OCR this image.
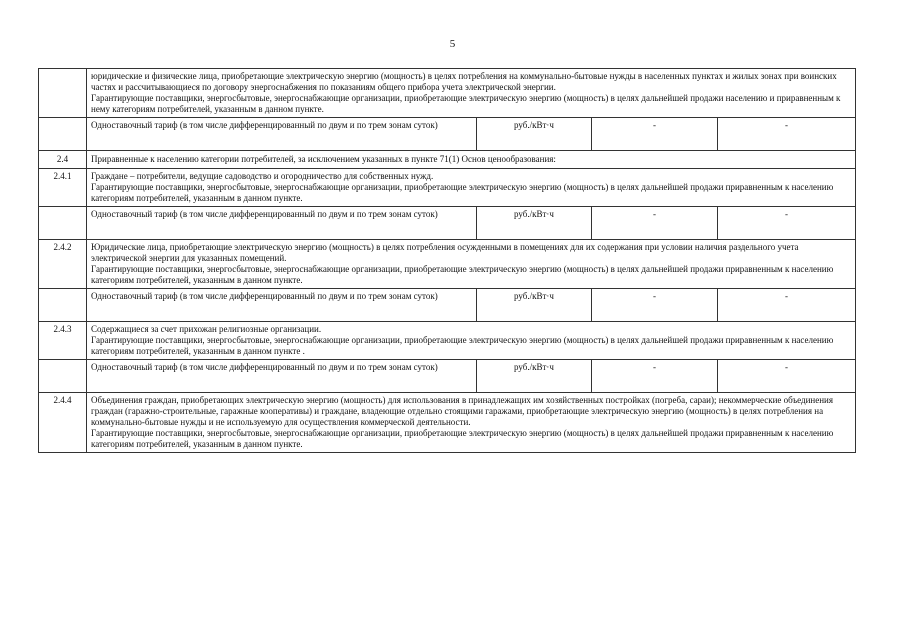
5

	юридические и физические лица, приобретающие электрическую энергию (мощность) в целях потребления на коммунально-бытовые нужды в населенных пунктах и жилых зонах при воинских частях и рассчитывающиеся по договору энергоснабжения по показаниям общего прибора учета электрической энергии.
Гарантирующие поставщики, энергосбытовые, энергоснабжающие организации, приобретающие электрическую энергию (мощность) в целях дальнейшей продажи населению и приравненным к нему категориям потребителей, указанным в данном пункте.			

	Одноставочный тариф (в том числе дифференцированный по двум и по трем зонам суток)	руб./кВт·ч	-	-
2.4	Приравненные к населению категории потребителей, за исключением указанных в пункте 71(1) Основ ценообразования:			
2.4.1	Граждане – потребители, ведущие садоводство и огородничество для собственных нужд.
Гарантирующие поставщики, энергосбытовые, энергоснабжающие организации, приобретающие электрическую энергию (мощность) в целях дальнейшей продажи приравненным к населению категориям потребителей, указанным в данном пункте.			

	Одноставочный тариф (в том числе дифференцированный по двум и по трем зонам суток)	руб./кВт·ч	-	-
2.4.2	Юридические лица, приобретающие электрическую энергию (мощность) в целях потребления осужденными в помещениях для их содержания при условии наличия раздельного учета электрической энергии для указанных помещений.
Гарантирующие поставщики, энергосбытовые, энергоснабжающие организации, приобретающие электрическую энергию (мощность) в целях дальнейшей продажи приравненным к населению категориям потребителей, указанным в данном пункте.			

	Одноставочный тариф (в том числе дифференцированный по двум и по трем зонам суток)	руб./кВт·ч	-	-
2.4.3	Содержащиеся за счет прихожан религиозные организации.
Гарантирующие поставщики, энергосбытовые, энергоснабжающие организации, приобретающие электрическую энергию (мощность) в целях дальнейшей продажи приравненным к населению категориям потребителей, указанным в данном пункте .			

	Одноставочный тариф (в том числе дифференцированный по двум и по трем зонам суток)	руб./кВт·ч	-	-
2.4.4	Объединения граждан, приобретающих электрическую энергию (мощность) для использования в принадлежащих им хозяйственных постройках (погреба, сараи); некоммерческие объединения граждан (гаражно-строительные, гаражные кооперативы) и граждане, владеющие отдельно стоящими гаражами, приобретающие электрическую энергию (мощность) в целях потребления на коммунально-бытовые нужды и не используемую для осуществления коммерческой деятельности.
Гарантирующие поставщики, энергосбытовые, энергоснабжающие организации, приобретающие электрическую энергию (мощность) в целях дальнейшей продажи приравненным к населению категориям потребителей, указанным в данном пункте.			
